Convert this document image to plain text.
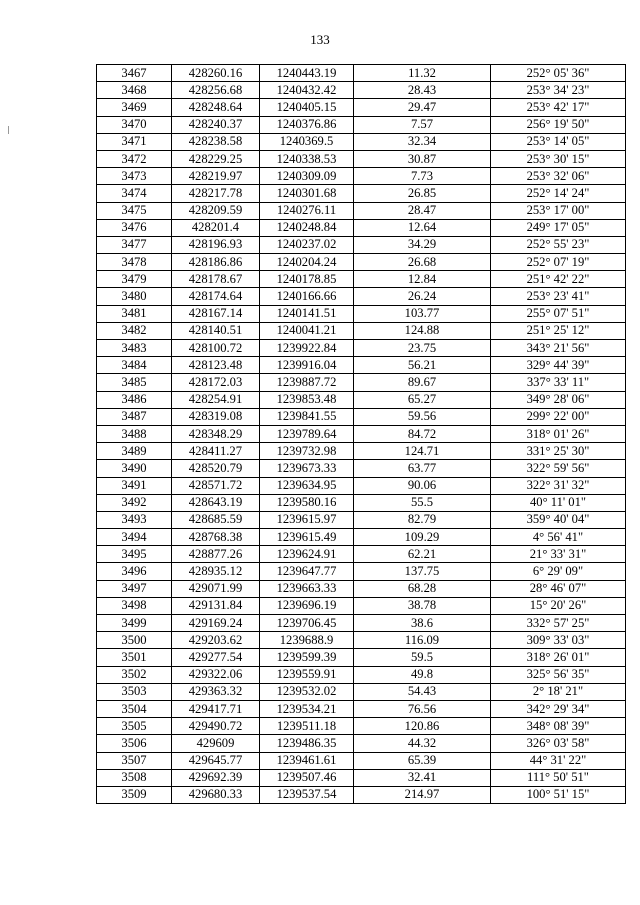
133
3467	428260.16	1240443.19	11.32	252° 05' 36"
3468	428256.68	1240432.42	28.43	253° 34' 23"
3469	428248.64	1240405.15	29.47	253° 42' 17"
3470	428240.37	1240376.86	7.57	256° 19' 50"
3471	428238.58	1240369.5	32.34	253° 14' 05"
3472	428229.25	1240338.53	30.87	253° 30' 15"
3473	428219.97	1240309.09	7.73	253° 32' 06"
3474	428217.78	1240301.68	26.85	252° 14' 24"
3475	428209.59	1240276.11	28.47	253° 17' 00"
3476	428201.4	1240248.84	12.64	249° 17' 05"
3477	428196.93	1240237.02	34.29	252° 55' 23"
3478	428186.86	1240204.24	26.68	252° 07' 19"
3479	428178.67	1240178.85	12.84	251° 42' 22"
3480	428174.64	1240166.66	26.24	253° 23' 41"
3481	428167.14	1240141.51	103.77	255° 07' 51"
3482	428140.51	1240041.21	124.88	251° 25' 12"
3483	428100.72	1239922.84	23.75	343° 21' 56"
3484	428123.48	1239916.04	56.21	329° 44' 39"
3485	428172.03	1239887.72	89.67	337° 33' 11"
3486	428254.91	1239853.48	65.27	349° 28' 06"
3487	428319.08	1239841.55	59.56	299° 22' 00"
3488	428348.29	1239789.64	84.72	318° 01' 26"
3489	428411.27	1239732.98	124.71	331° 25' 30"
3490	428520.79	1239673.33	63.77	322° 59' 56"
3491	428571.72	1239634.95	90.06	322° 31' 32"
3492	428643.19	1239580.16	55.5	40° 11' 01"
3493	428685.59	1239615.97	82.79	359° 40' 04"
3494	428768.38	1239615.49	109.29	4° 56' 41"
3495	428877.26	1239624.91	62.21	21° 33' 31"
3496	428935.12	1239647.77	137.75	6° 29' 09"
3497	429071.99	1239663.33	68.28	28° 46' 07"
3498	429131.84	1239696.19	38.78	15° 20' 26"
3499	429169.24	1239706.45	38.6	332° 57' 25"
3500	429203.62	1239688.9	116.09	309° 33' 03"
3501	429277.54	1239599.39	59.5	318° 26' 01"
3502	429322.06	1239559.91	49.8	325° 56' 35"
3503	429363.32	1239532.02	54.43	2° 18' 21"
3504	429417.71	1239534.21	76.56	342° 29' 34"
3505	429490.72	1239511.18	120.86	348° 08' 39"
3506	429609	1239486.35	44.32	326° 03' 58"
3507	429645.77	1239461.61	65.39	44° 31' 22"
3508	429692.39	1239507.46	32.41	111° 50' 51"
3509	429680.33	1239537.54	214.97	100° 51' 15"
